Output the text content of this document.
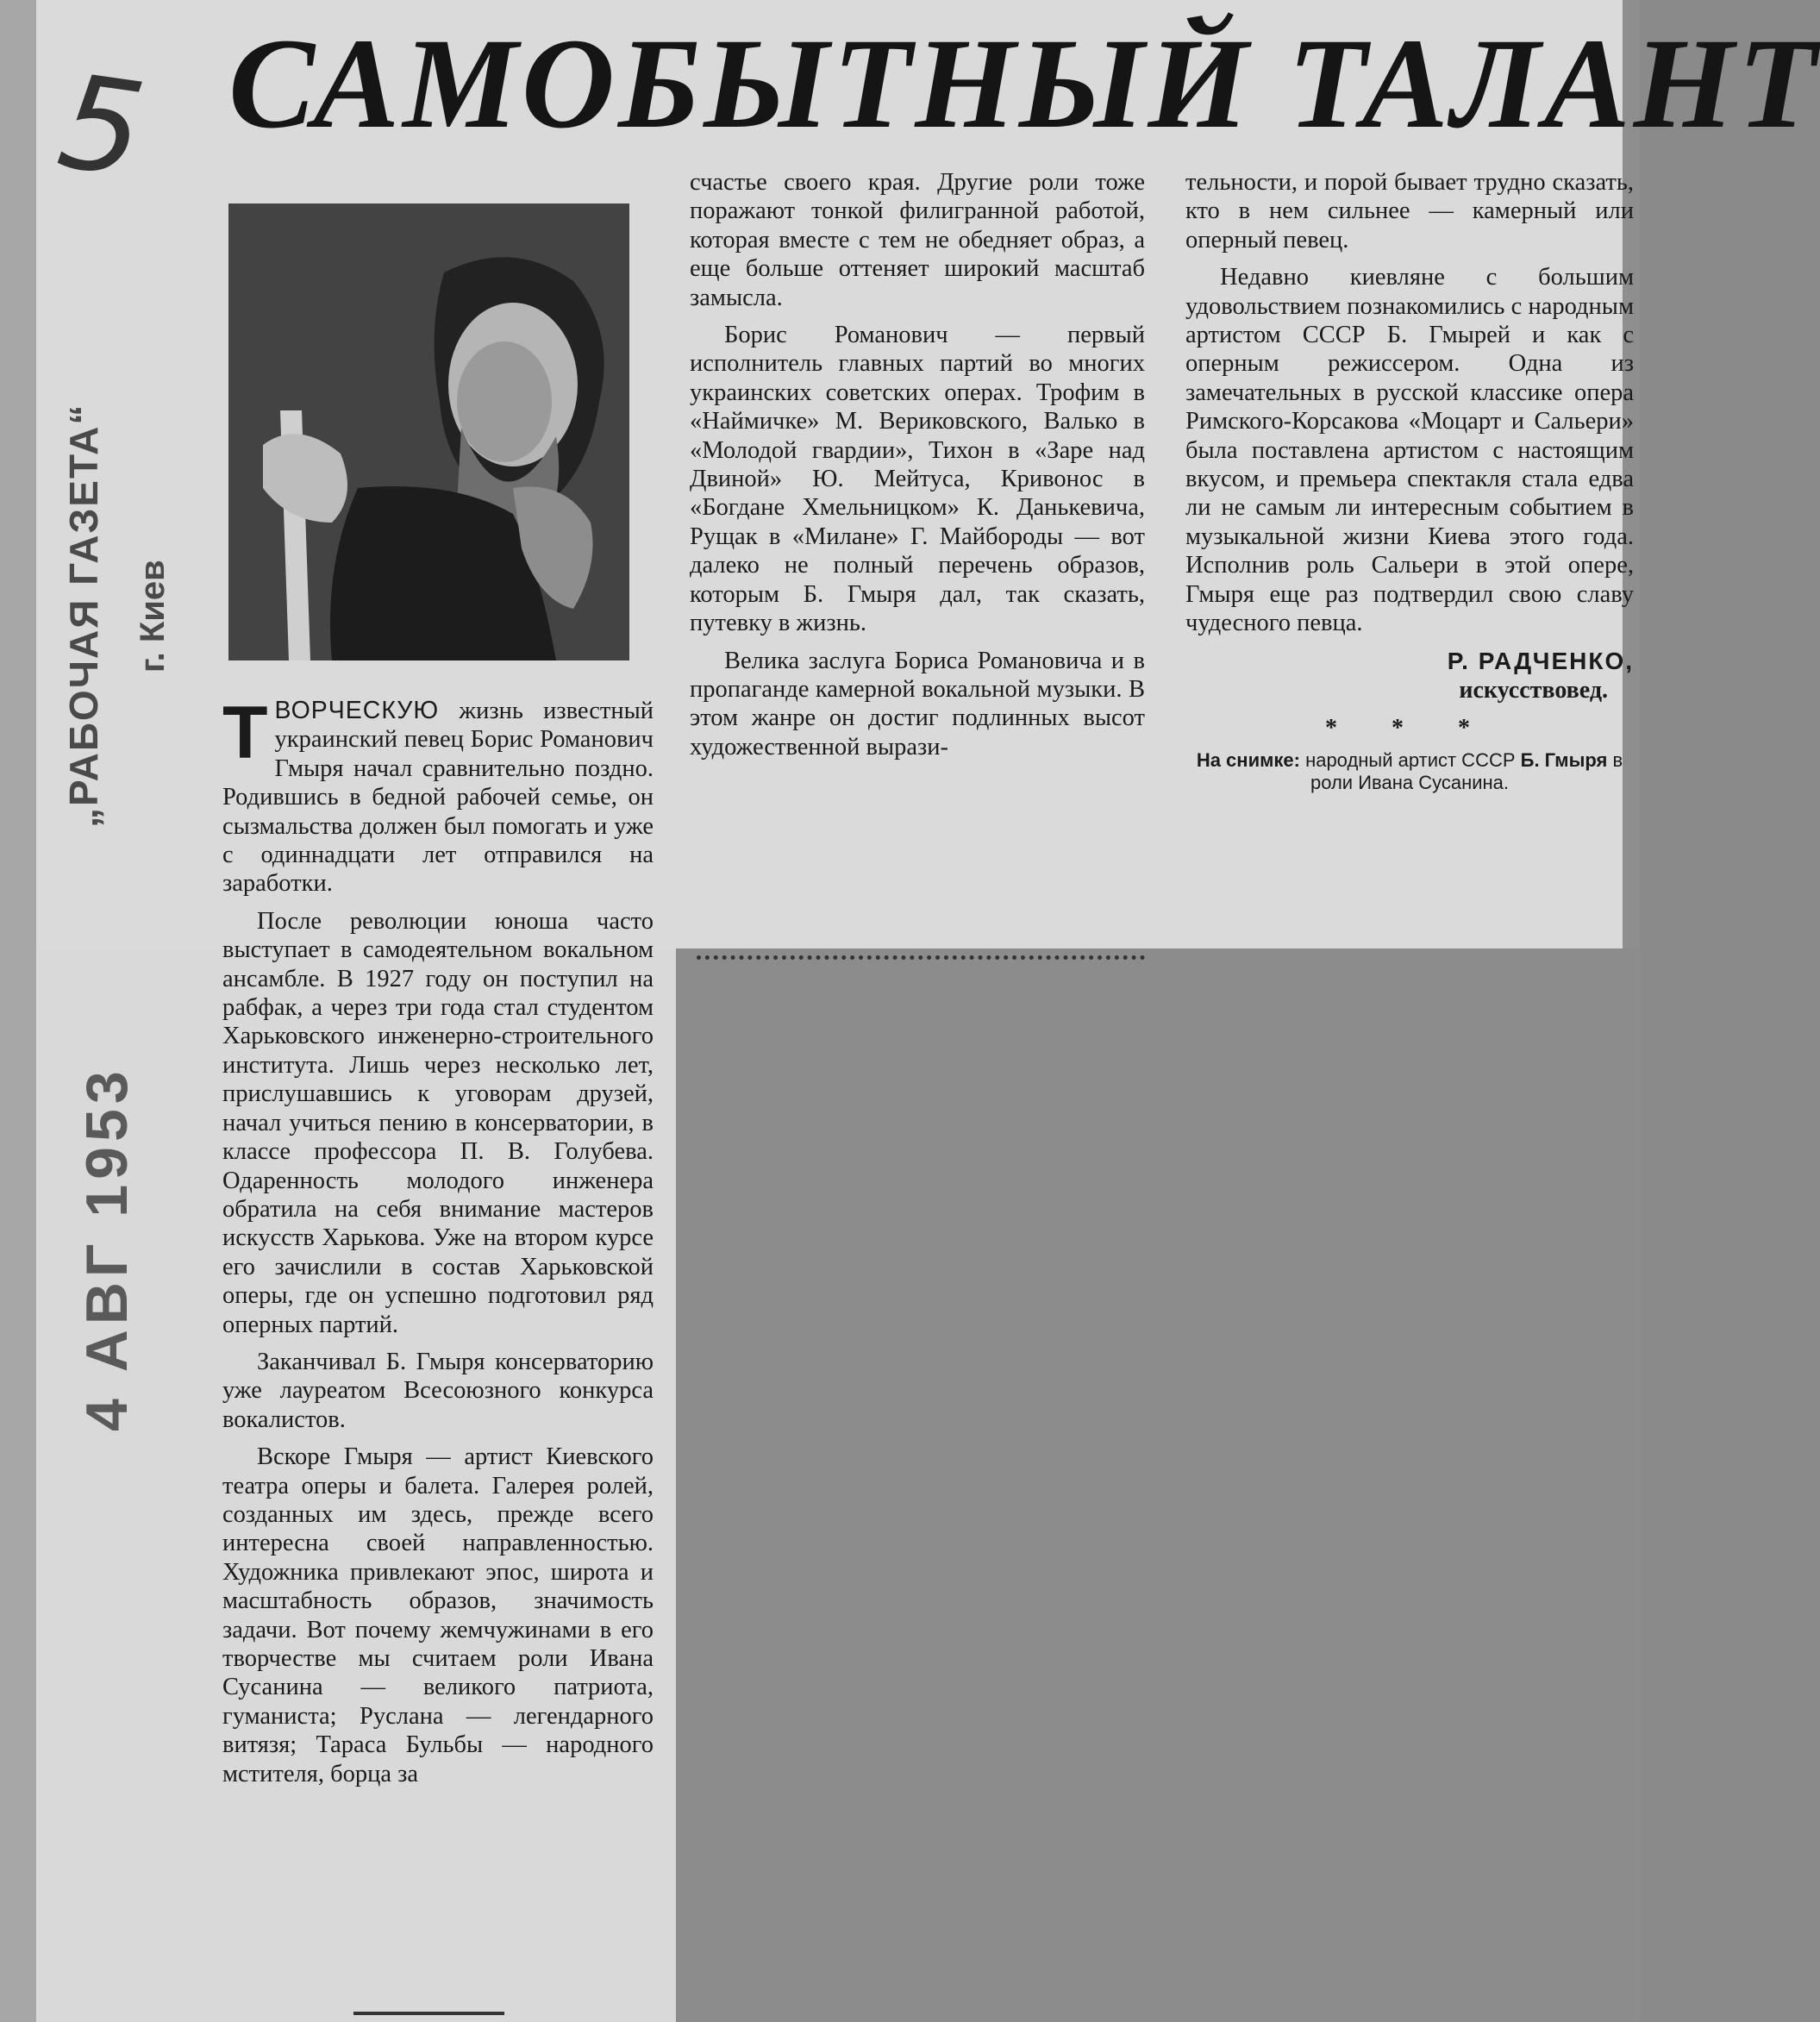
5 САМОБЫТНЫЙ ТАЛАНТ
„РАБОЧАЯ ГАЗЕТА“ г. Киев
4 АВГ 1953

ТВОРЧЕСКУЮ жизнь известный украинский певец Борис Романович Гмыря начал сравнительно поздно. Родившись в бедной рабочей семье, он сызмальства должен был помогать и уже с одиннадцати лет отправился на заработки.

После революции юноша часто выступает в самодеятельном вокальном ансамбле. В 1927 году он поступил на рабфак, а через три года стал студентом Харьковского инженерно-строительного института. Лишь через несколько лет, прислушавшись к уговорам друзей, начал учиться пению в консерватории, в классе профессора П. В. Голубева. Одаренность молодого инженера обратила на себя внимание мастеров искусств Харькова. Уже на втором курсе его зачислили в состав Харьковской оперы, где он успешно подготовил ряд оперных партий.

Заканчивал Б. Гмыря консерваторию уже лауреатом Всесоюзного конкурса вокалистов.

Вскоре Гмыря — артист Киевского театра оперы и балета. Галерея ролей, созданных им здесь, прежде всего интересна своей направленностью. Художника привлекают эпос, широта и масштабность образов, значимость задачи. Вот почему жемчужинами в его творчестве мы считаем роли Ивана Сусанина — великого патриота, гуманиста; Руслана — легендарного витязя; Тараса Бульбы — народного мстителя, борца за

счастье своего края. Другие роли тоже поражают тонкой филигранной работой, которая вместе с тем не обедняет образ, а еще больше оттеняет широкий масштаб замысла.

Борис Романович — первый исполнитель главных партий во многих украинских советских операх. Трофим в «Наймичке» М. Вериковского, Валько в «Молодой гвардии», Тихон в «Заре над Двиной» Ю. Мейтуса, Кривонос в «Богдане Хмельницком» К. Данькевича, Рущак в «Милане» Г. Майбороды — вот далеко не полный перечень образов, которым Б. Гмыря дал, так сказать, путевку в жизнь.

Велика заслуга Бориса Романовича и в пропаганде камерной вокальной музыки. В этом жанре он достиг подлинных высот художественной вырази-

тельности, и порой бывает трудно сказать, кто в нем сильнее — камерный или оперный певец.

Недавно киевляне с большим удовольствием познакомились с народным артистом СССР Б. Гмырей и как с оперным режиссером. Одна из замечательных в русской классике опера Римского-Корсакова «Моцарт и Сальери» была поставлена артистом с настоящим вкусом, и премьера спектакля стала едва ли не самым ли интересным событием в музыкальной жизни Киева этого года. Исполнив роль Сальери в этой опере, Гмыря еще раз подтвердил свою славу чудесного певца.

Р. РАДЧЕНКО,
искусствовед.
* * *
На снимке: народный артист СССР Б. Гмыря в роли Ивана Сусанина.
